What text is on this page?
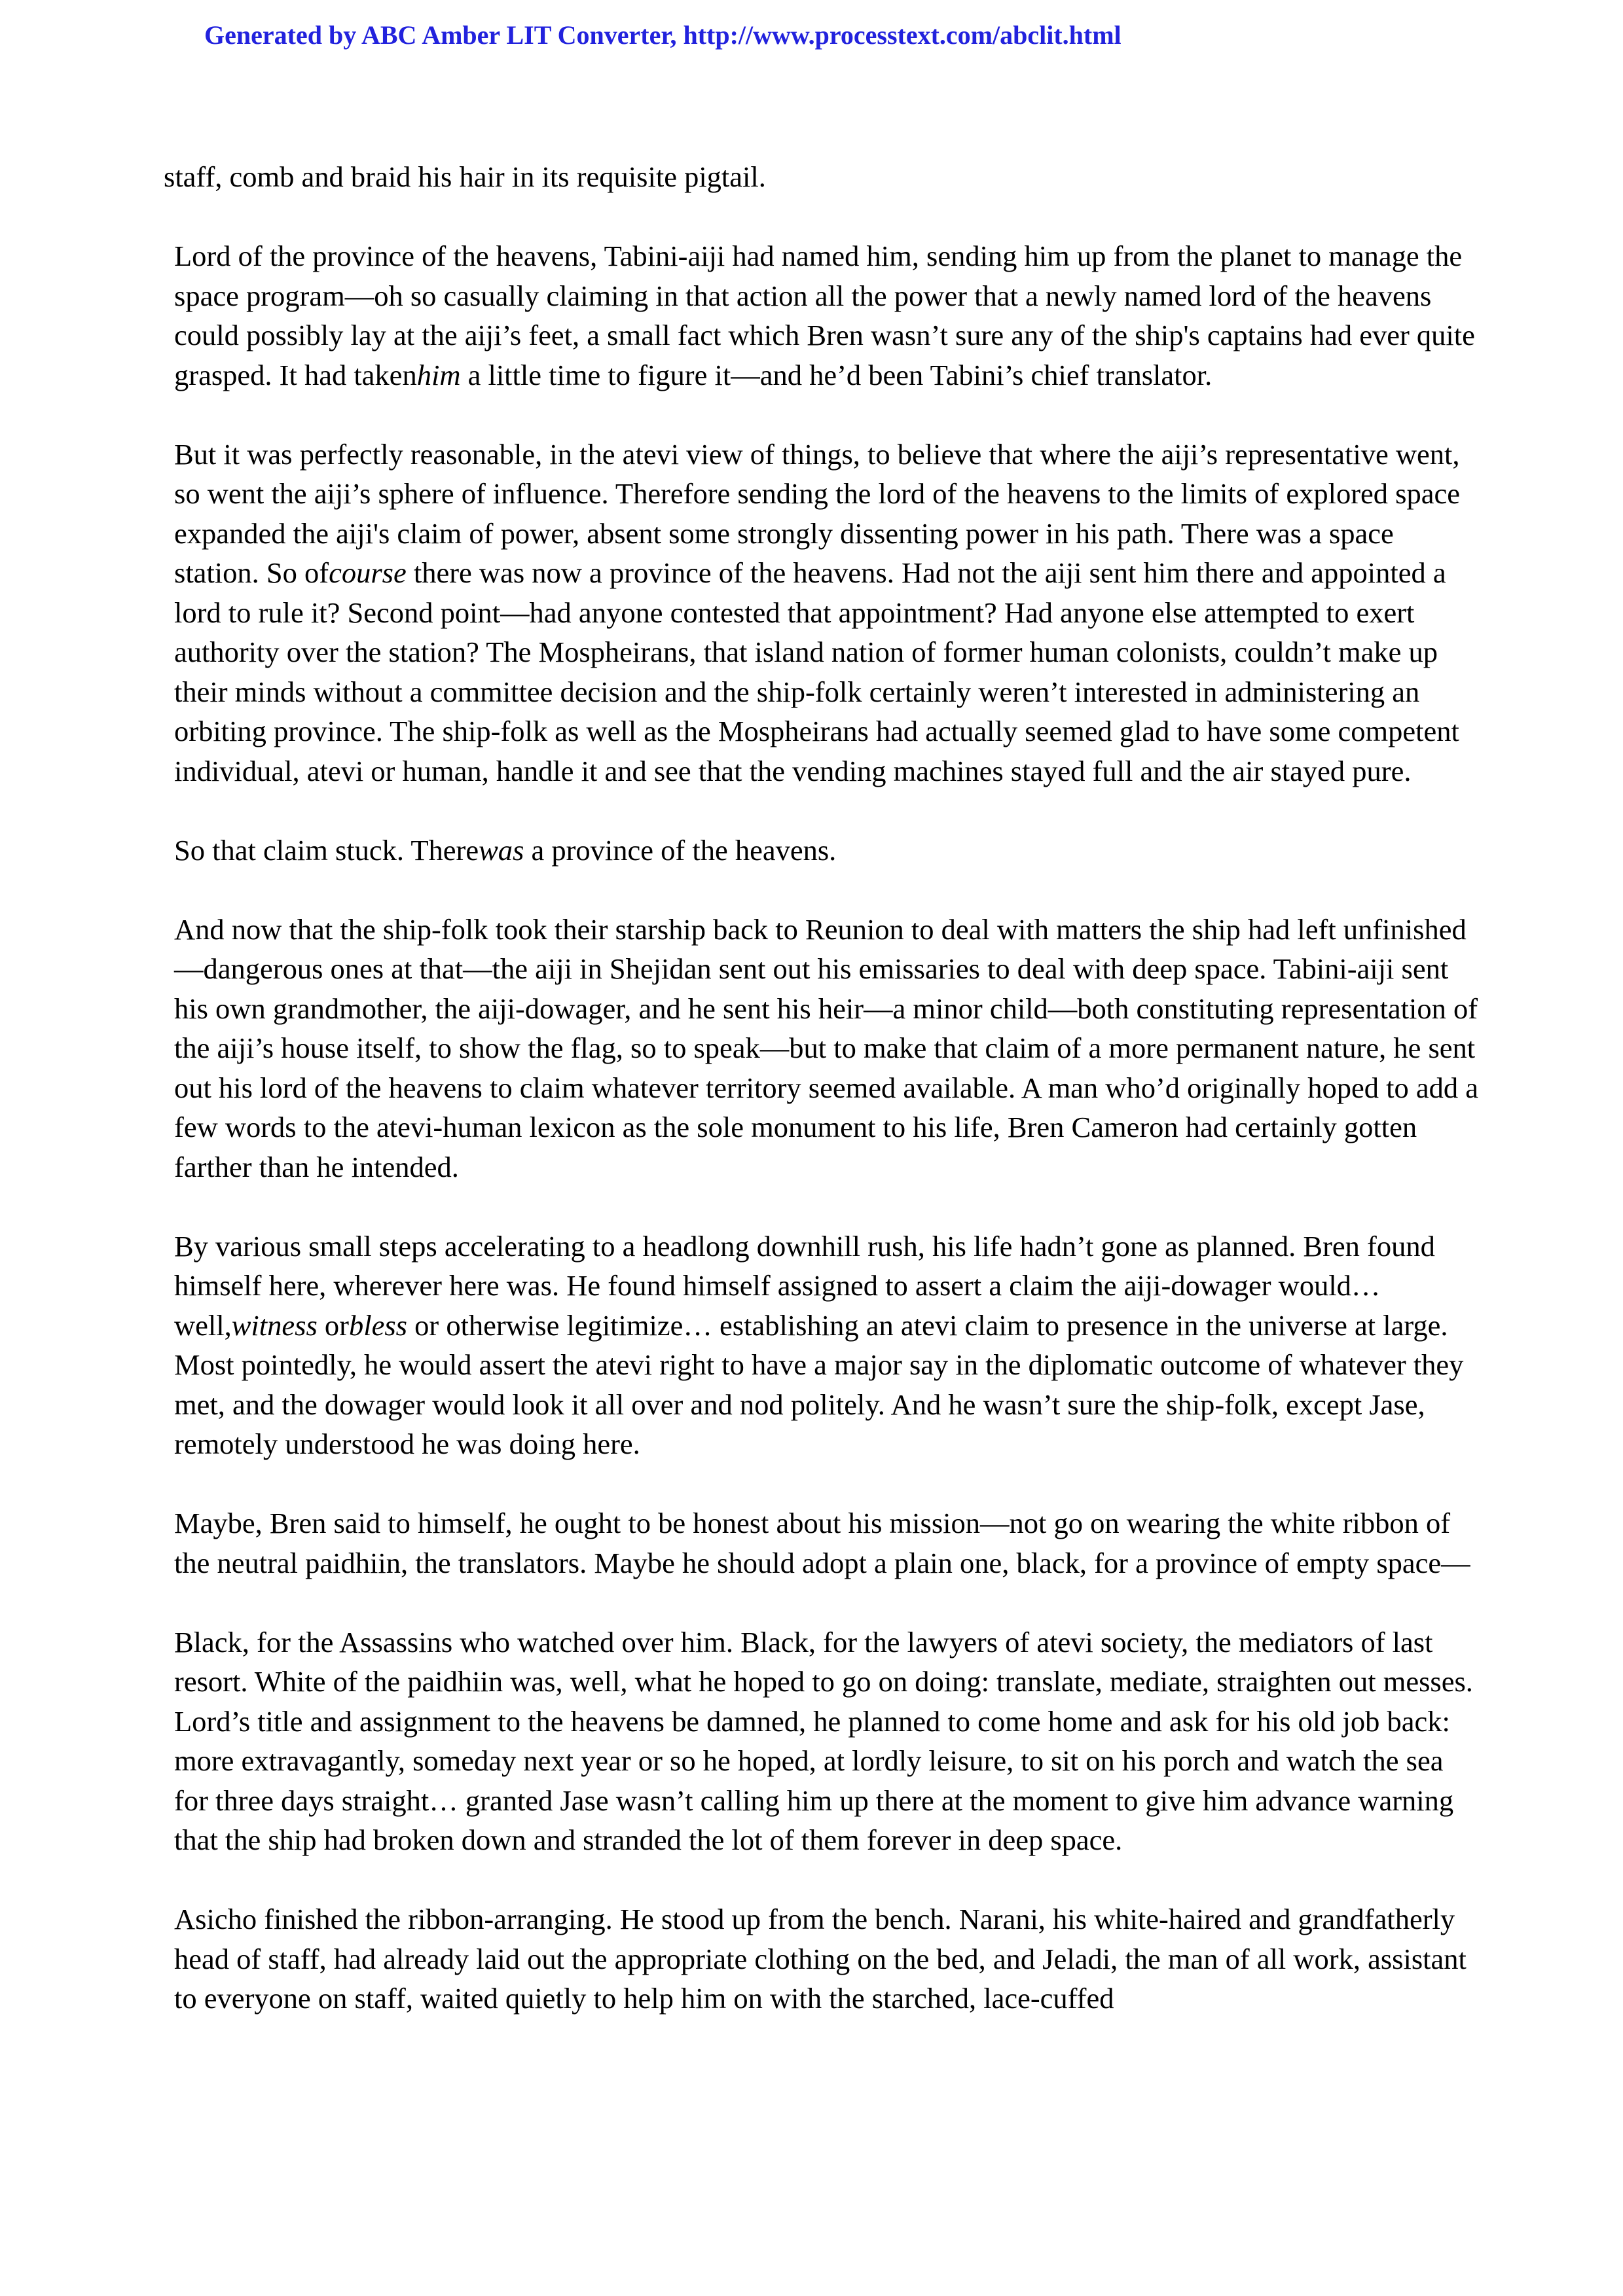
Generated by ABC Amber LIT Converter, http://www.processtext.com/abclit.html

staff, comb and braid his hair in its requisite pigtail.

Lord of the province of the heavens, Tabini-aiji had named him, sending him up from the planet to manage the space program—oh so casually claiming in that action all the power that a newly named lord of the heavens could possibly lay at the aiji’s feet, a small fact which Bren wasn’t sure any of the ship's captains had ever quite grasped. It had takenhim a little time to figure it—and he’d been Tabini’s chief translator.

But it was perfectly reasonable, in the atevi view of things, to believe that where the aiji’s representative went, so went the aiji’s sphere of influence. Therefore sending the lord of the heavens to the limits of explored space expanded the aiji's claim of power, absent some strongly dissenting power in his path. There was a space station. So ofcourse there was now a province of the heavens. Had not the aiji sent him there and appointed a lord to rule it? Second point—had anyone contested that appointment? Had anyone else attempted to exert authority over the station? The Mospheirans, that island nation of former human colonists, couldn’t make up their minds without a committee decision and the ship-folk certainly weren’t interested in administering an orbiting province. The ship-folk as well as the Mospheirans had actually seemed glad to have some competent individual, atevi or human, handle it and see that the vending machines stayed full and the air stayed pure.

So that claim stuck. Therewas a province of the heavens.

And now that the ship-folk took their starship back to Reunion to deal with matters the ship had left unfinished—dangerous ones at that—the aiji in Shejidan sent out his emissaries to deal with deep space. Tabini-aiji sent his own grandmother, the aiji-dowager, and he sent his heir—a minor child—both constituting representation of the aiji’s house itself, to show the flag, so to speak—but to make that claim of a more permanent nature, he sent out his lord of the heavens to claim whatever territory seemed available. A man who’d originally hoped to add a few words to the atevi-human lexicon as the sole monument to his life, Bren Cameron had certainly gotten farther than he intended.

By various small steps accelerating to a headlong downhill rush, his life hadn’t gone as planned. Bren found himself here, wherever here was. He found himself assigned to assert a claim the aiji-dowager would… well,witness orbless or otherwise legitimize… establishing an atevi claim to presence in the universe at large. Most pointedly, he would assert the atevi right to have a major say in the diplomatic outcome of whatever they met, and the dowager would look it all over and nod politely. And he wasn’t sure the ship-folk, except Jase, remotely understood he was doing here.

Maybe, Bren said to himself, he ought to be honest about his mission—not go on wearing the white ribbon of the neutral paidhiin, the translators. Maybe he should adopt a plain one, black, for a province of empty space—

Black, for the Assassins who watched over him. Black, for the lawyers of atevi society, the mediators of last resort. White of the paidhiin was, well, what he hoped to go on doing: translate, mediate, straighten out messes. Lord’s title and assignment to the heavens be damned, he planned to come home and ask for his old job back: more extravagantly, someday next year or so he hoped, at lordly leisure, to sit on his porch and watch the sea for three days straight… granted Jase wasn’t calling him up there at the moment to give him advance warning that the ship had broken down and stranded the lot of them forever in deep space.

Asicho finished the ribbon-arranging. He stood up from the bench. Narani, his white-haired and grandfatherly head of staff, had already laid out the appropriate clothing on the bed, and Jeladi, the man of all work, assistant to everyone on staff, waited quietly to help him on with the starched, lace-cuffed
